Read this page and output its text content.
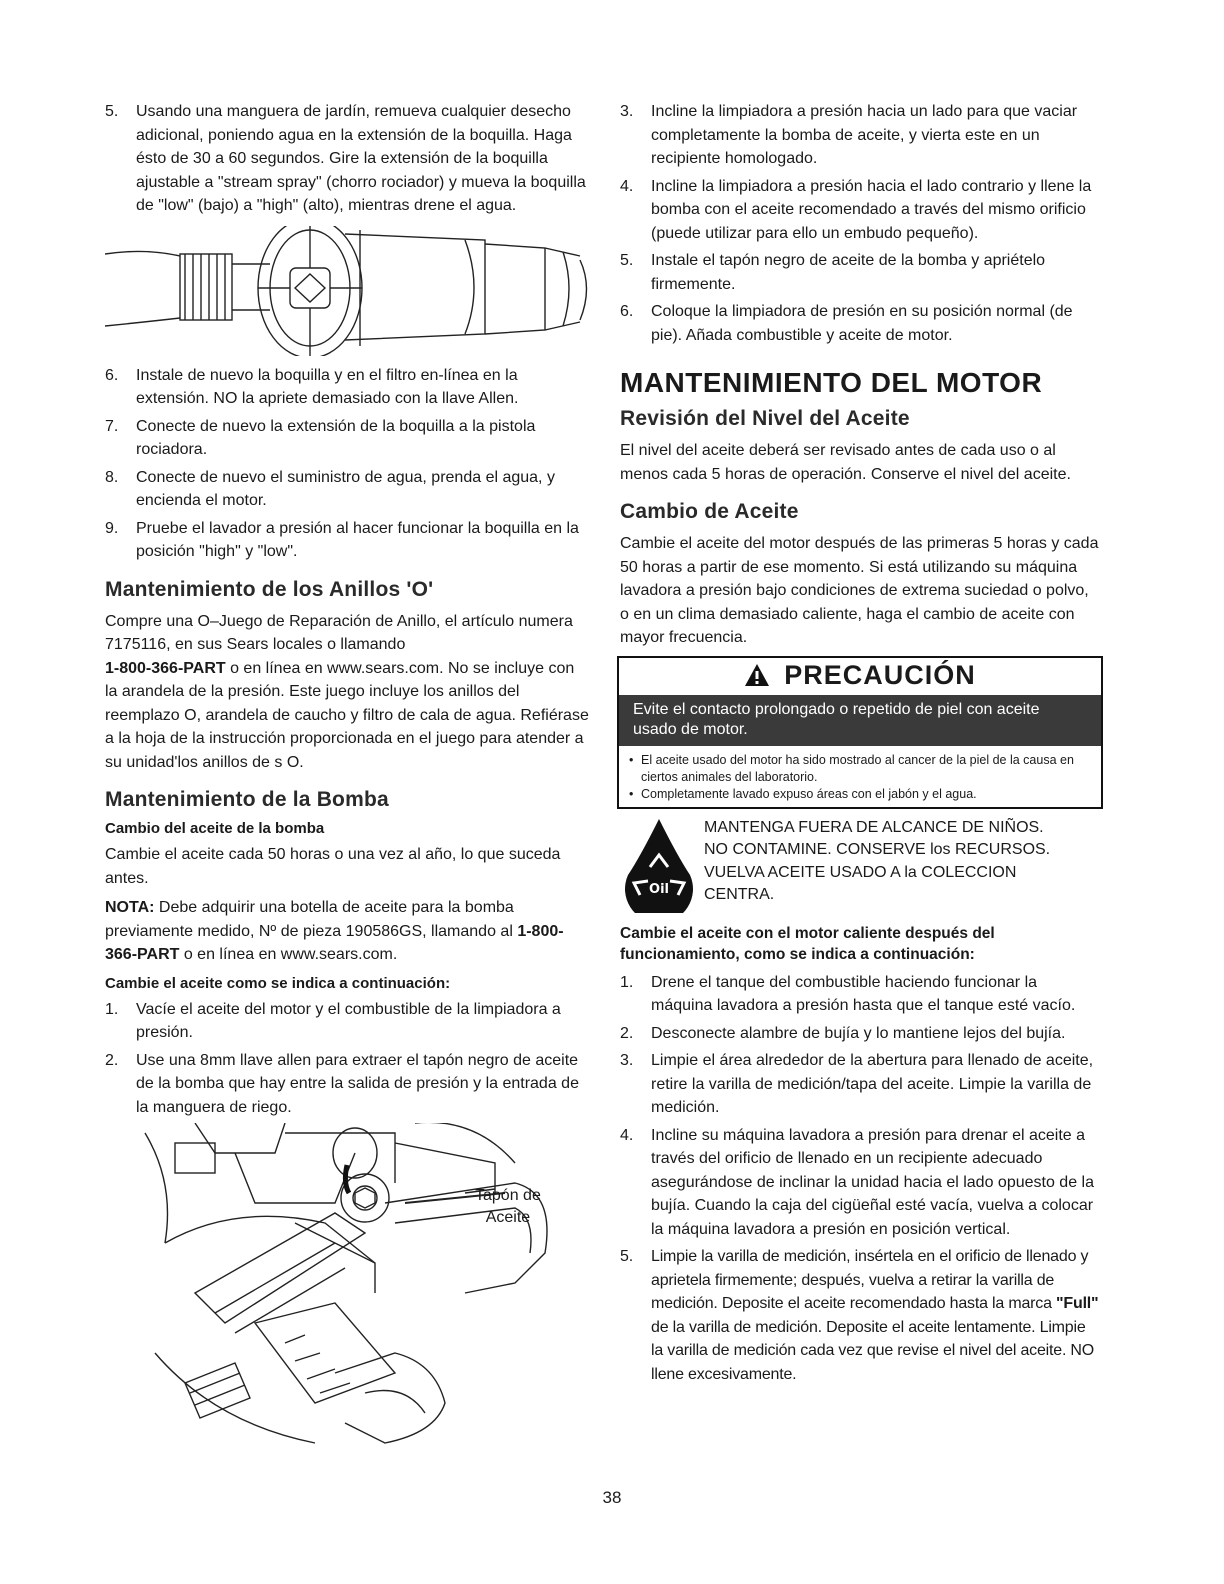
5. Usando una manguera de jardín, remueva cualquier desecho adicional, poniendo agua en la extensión de la boquilla. Haga ésto de 30 a 60 segundos. Gire la extensión de la boquilla ajustable a "stream spray" (chorro rociador) y mueva la boquilla de "low" (bajo) a "high" (alto), mientras drene el agua.
6. Instale de nuevo la boquilla y en el filtro en-línea en la extensión. NO la apriete demasiado con la llave Allen.
7. Conecte de nuevo la extensión de la boquilla a la pistola rociadora.
8. Conecte de nuevo el suministro de agua, prenda el agua, y encienda el motor.
9. Pruebe el lavador a presión al hacer funcionar la boquilla en la posición "high" y "low".
Mantenimiento de los Anillos 'O'

Compre una O–Juego de Reparación de Anillo, el artículo numera 7175116, en sus Sears locales o llamando
1-800-366-PART o en línea en www.sears.com. No se incluye con la arandela de la presión. Este juego incluye los anillos del reemplazo O, arandela de caucho y filtro de cala de agua. Refiérase a la hoja de la instrucción proporcionada en el juego para atender a su unidad'los anillos de s O.

Mantenimiento de la Bomba
Cambio del aceite de la bomba

Cambie el aceite cada 50 horas o una vez al año, lo que suceda antes.

NOTA: Debe adquirir una botella de aceite para la bomba previamente medido, Nº de pieza 190586GS, llamando al 1-800-366-PART o en línea en www.sears.com.

Cambie el aceite como se indica a continuación:
1. Vacíe el aceite del motor y el combustible de la limpiadora a presión.
2. Use una 8mm llave allen para extraer el tapón negro de aceite de la bomba que hay entre la salida de presión y la entrada de la manguera de riego.
Tapón de
Aceite
3. Incline la limpiadora a presión hacia un lado para que vaciar completamente la bomba de aceite, y vierta este en un recipiente homologado.
4. Incline la limpiadora a presión hacia el lado contrario y llene la bomba con el aceite recomendado a través del mismo orificio (puede utilizar para ello un embudo pequeño).
5. Instale el tapón negro de aceite de la bomba y apriételo firmemente.
6. Coloque la limpiadora de presión en su posición normal (de pie). Añada combustible y aceite de motor.
MANTENIMIENTO DEL MOTOR
Revisión del Nivel del Aceite

El nivel del aceite deberá ser revisado antes de cada uso o al menos cada 5 horas de operación. Conserve el nivel del aceite.

Cambio de Aceite

Cambie el aceite del motor después de las primeras 5 horas y cada 50 horas a partir de ese momento. Si está utilizando su máquina lavadora a presión bajo condiciones de extrema suciedad o polvo, o en un clima demasiado caliente, haga el cambio de aceite con mayor frecuencia.

PRECAUCIÓN
Evite el contacto prolongado o repetido de piel con aceite usado de motor.
• El aceite usado del motor ha sido mostrado al cancer de la piel de la causa en ciertos animales del laboratorio.
• Completamente lavado expuso áreas con el jabón y el agua.
Oil
MANTENGA FUERA DE ALCANCE DE NIÑOS.
NO CONTAMINE. CONSERVE los RECURSOS.
VUELVA ACEITE USADO A la COLECCION
CENTRA.
Cambie el aceite con el motor caliente después del funcionamiento, como se indica a continuación:
1. Drene el tanque del combustible haciendo funcionar la máquina lavadora a presión hasta que el tanque esté vacío.
2. Desconecte alambre de bujía y lo mantiene lejos del bujía.
3. Limpie el área alrededor de la abertura para llenado de aceite, retire la varilla de medición/tapa del aceite. Limpie la varilla de medición.
4. Incline su máquina lavadora a presión para drenar el aceite a través del orificio de llenado en un recipiente adecuado asegurándose de inclinar la unidad hacia el lado opuesto de la bujía. Cuando la caja del cigüeñal esté vacía, vuelva a colocar la máquina lavadora a presión en posición vertical.
5. Limpie la varilla de medición, insértela en el orificio de llenado y aprietela firmemente; después, vuelva a retirar la varilla de medición. Deposite el aceite recomendado hasta la marca "Full" de la varilla de medición. Deposite el aceite lentamente. Limpie la varilla de medición cada vez que revise el nivel del aceite. NO llene excesivamente.
38
